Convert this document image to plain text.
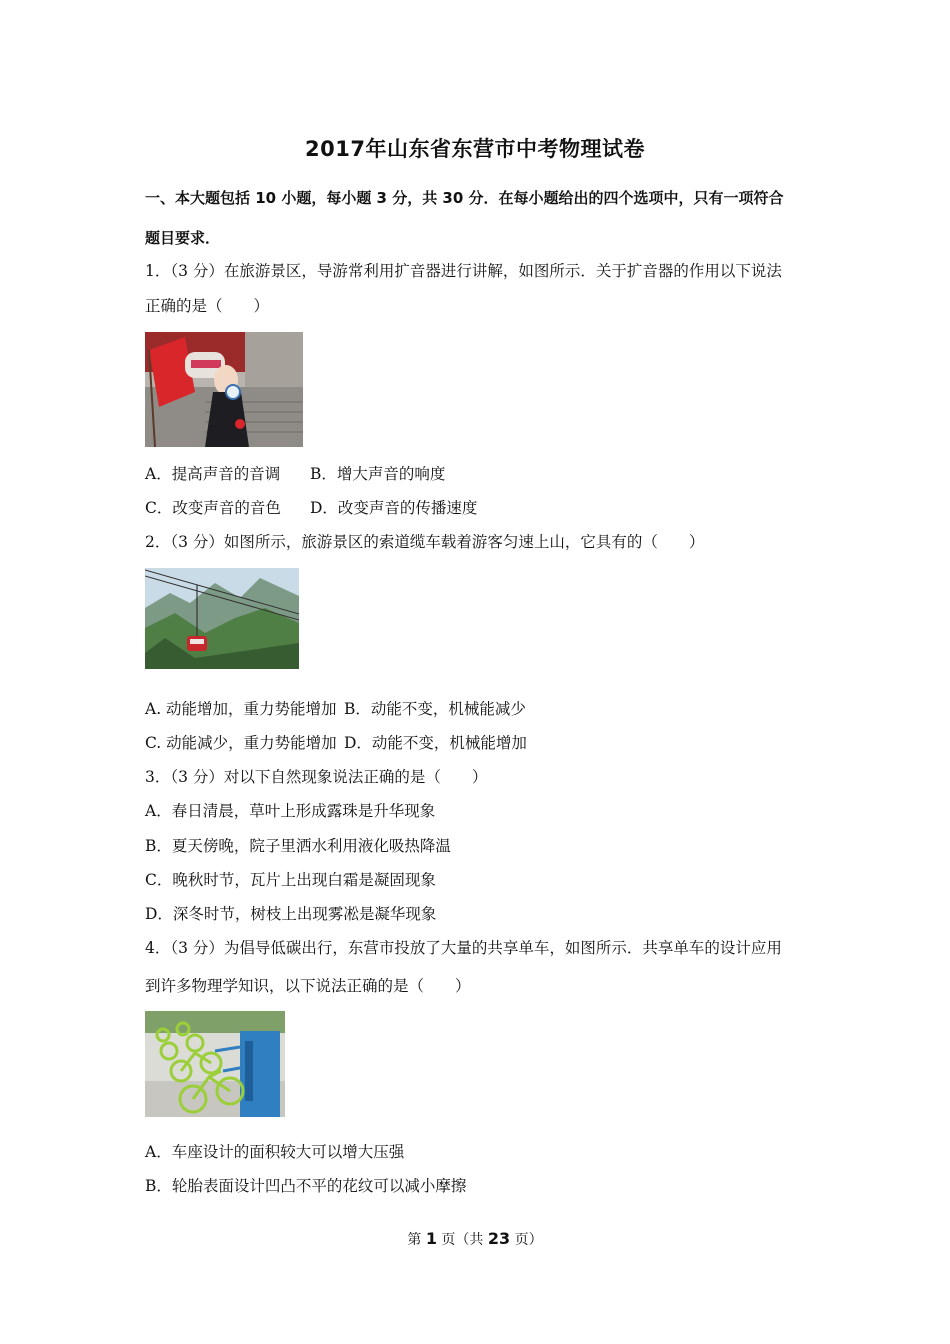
2017年山东省东营市中考物理试卷
一、本大题包括 10 小题，每小题 3 分，共 30 分．在每小题给出的四个选项中，只有一项符合
题目要求．
1．（3 分）在旅游景区，导游常利用扩音器进行讲解，如图所示．关于扩音器的作用以下说法
正确的是（　　）
A．提高声音的音调 B．增大声音的响度
C．改变声音的音色 D．改变声音的传播速度
2．（3 分）如图所示，旅游景区的索道缆车载着游客匀速上山，它具有的（　　）
A. 动能增加，重力势能增加 B．动能不变，机械能减少
C. 动能减少，重力势能增加 D．动能不变，机械能增加
3．（3 分）对以下自然现象说法正确的是（　　）
A．春日清晨，草叶上形成露珠是升华现象
B．夏天傍晚，院子里洒水利用液化吸热降温
C．晚秋时节，瓦片上出现白霜是凝固现象
D．深冬时节，树枝上出现雾凇是凝华现象
4．（3 分）为倡导低碳出行，东营市投放了大量的共享单车，如图所示．共享单车的设计应用
到许多物理学知识，以下说法正确的是（　　）
A．车座设计的面积较大可以增大压强
B．轮胎表面设计凹凸不平的花纹可以减小摩擦
第 1 页（共 23 页）
